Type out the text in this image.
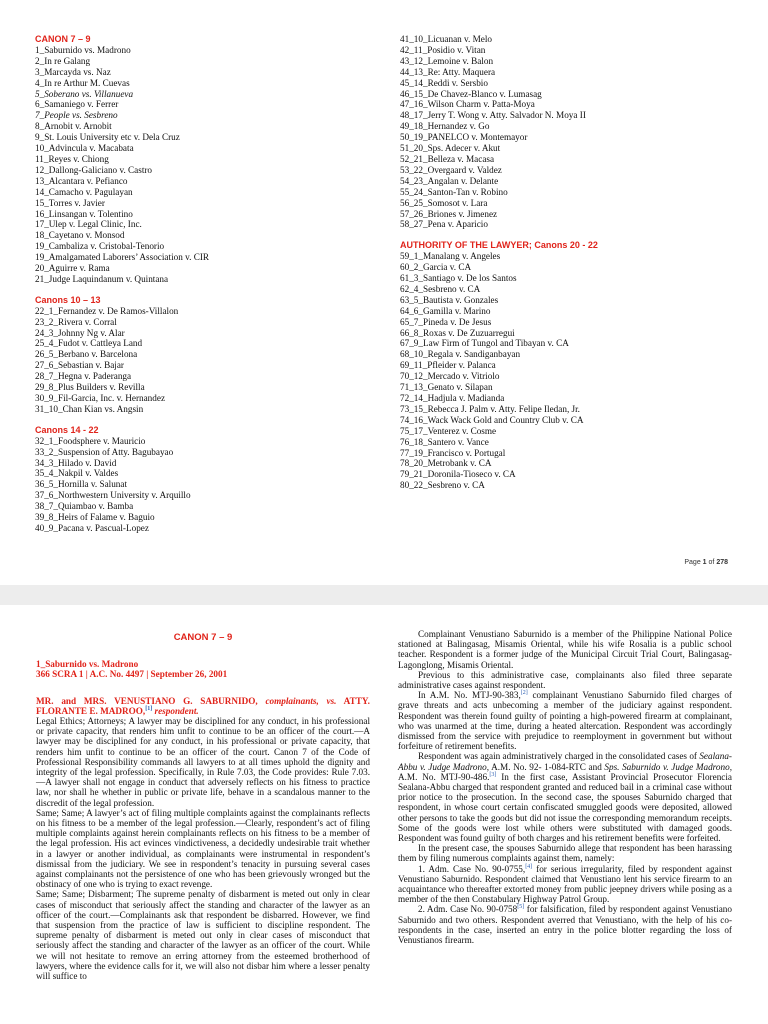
CANON 7 – 9
1_Saburnido vs. Madrono
2_In re Galang
3_Marcayda vs. Naz
4_In re Arthur M. Cuevas
5_Soberano vs. Villanueva
6_Samaniego v. Ferrer
7_People vs. Sesbreno
8_Arnobit v. Arnobit
9_St. Louis University etc v. Dela Cruz
10_Advincula v. Macabata
11_Reyes v. Chiong
12_Dallong-Galiciano v. Castro
13_Alcantara v. Pefianco
14_Camacho v. Pagulayan
15_Torres v. Javier
16_Linsangan v. Tolentino
17_Ulep v. Legal Clinic, Inc.
18_Cayetano v. Monsod
19_Cambaliza v. Cristobal-Tenorio
19_Amalgamated Laborers’ Association v. CIR
20_Aguirre v. Rama
21_Judge Laquindanum v. Quintana
Canons 10 – 13
22_1_Fernandez v. De Ramos-Villalon
23_2_Rivera v. Corral
24_3_Johnny Ng v. Alar
25_4_Fudot v. Cattleya Land
26_5_Berbano v. Barcelona
27_6_Sebastian v. Bajar
28_7_Hegna v. Paderanga
29_8_Plus Builders v. Revilla
30_9_Fil-Garcia, Inc. v. Hernandez
31_10_Chan Kian vs. Angsin
Canons 14 - 22
32_1_Foodsphere v. Mauricio
33_2_Suspension of Atty. Bagubayao
34_3_Hilado v. David
35_4_Nakpil v. Valdes
36_5_Hornilla v. Salunat
37_6_Northwestern University v. Arquillo
38_7_Quiambao v. Bamba
39_8_Heirs of Falame v. Baguio
40_9_Pacana v. Pascual-Lopez
41_10_Licuanan v. Melo
42_11_Posidio v. Vitan
43_12_Lemoine v. Balon
44_13_Re: Atty. Maquera
45_14_Reddi v. Sersbio
46_15_De Chavez-Blanco v. Lumasag
47_16_Wilson Charm v. Patta-Moya
48_17_Jerry T. Wong v. Atty. Salvador N. Moya II
49_18_Hernandez v. Go
50_19_PANELCO v. Montemayor
51_20_Sps. Adecer v. Akut
52_21_Belleza v. Macasa
53_22_Overgaard v. Valdez
54_23_Angalan v. Delante
55_24_Santon-Tan v. Robino
56_25_Somosot v. Lara
57_26_Briones v. Jimenez
58_27_Pena v. Aparicio
AUTHORITY OF THE LAWYER; Canons 20 - 22
59_1_Manalang v. Angeles
60_2_Garcia v. CA
61_3_Santiago v. De los Santos
62_4_Sesbreno v. CA
63_5_Bautista v. Gonzales
64_6_Gamilla v. Marino
65_7_Pineda v. De Jesus
66_8_Roxas v. De Zuzuarregui
67_9_Law Firm of Tungol and Tibayan v. CA
68_10_Regala v. Sandiganbayan
69_11_Pfleider v. Palanca
70_12_Mercado v. Vitriolo
71_13_Genato v. Silapan
72_14_Hadjula v. Madianda
73_15_Rebecca J. Palm v. Atty. Felipe Iledan, Jr.
74_16_Wack Wack Gold and Country Club v. CA
75_17_Venterez v. Cosme
76_18_Santero v. Vance
77_19_Francisco v. Portugal
78_20_Metrobank v. CA
79_21_Doronila-Tioseco v. CA
80_22_Sesbreno v. CA
Page 1 of 278
CANON 7 – 9
1_Saburnido vs. Madrono
366 SCRA 1 | A.C. No. 4497 | September 26, 2001
MR. and MRS. VENUSTIANO G. SABURNIDO, complainants, vs. ATTY. FLORANTE E. MADROO,[1] respondent.
Legal Ethics; Attorneys; A lawyer may be disciplined for any conduct, in his professional or private capacity, that renders him unfit to continue to be an officer of the court.—A lawyer may be disciplined for any conduct, in his professional or private capacity, that renders him unfit to continue to be an officer of the court. Canon 7 of the Code of Professional Responsibility commands all lawyers to at all times uphold the dignity and integrity of the legal profession. Specifically, in Rule 7.03, the Code provides: Rule 7.03.—A lawyer shall not engage in conduct that adversely reflects on his fitness to practice law, nor shall he whether in public or private life, behave in a scandalous manner to the discredit of the legal profession.
Same; Same; A lawyer’s act of filing multiple complaints against the complainants reflects on his fitness to be a member of the legal profession.—Clearly, respondent’s act of filing multiple complaints against herein complainants reflects on his fitness to be a member of the legal profession. His act evinces vindictiveness, a decidedly undesirable trait whether in a lawyer or another individual, as complainants were instrumental in respondent’s dismissal from the judiciary. We see in respondent’s tenacity in pursuing several cases against complainants not the persistence of one who has been grievously wronged but the obstinacy of one who is trying to exact revenge.
Same; Same; Disbarment; The supreme penalty of disbarment is meted out only in clear cases of misconduct that seriously affect the standing and character of the lawyer as an officer of the court.—Complainants ask that respondent be disbarred. However, we find that suspension from the practice of law is sufficient to discipline respondent. The supreme penalty of disbarment is meted out only in clear cases of misconduct that seriously affect the standing and character of the lawyer as an officer of the court. While we will not hesitate to remove an erring attorney from the esteemed brotherhood of lawyers, where the evidence calls for it, we will also not disbar him where a lesser penalty will suffice to
Complainant Venustiano Saburnido is a member of the Philippine National Police stationed at Balingasag, Misamis Oriental, while his wife Rosalia is a public school teacher. Respondent is a former judge of the Municipal Circuit Trial Court, Balingasag-Lagonglong, Misamis Oriental.
Previous to this administrative case, complainants also filed three separate administrative cases against respondent.
In A.M. No. MTJ-90-383,[2] complainant Venustiano Saburnido filed charges of grave threats and acts unbecoming a member of the judiciary against respondent. Respondent was therein found guilty of pointing a high-powered firearm at complainant, who was unarmed at the time, during a heated altercation. Respondent was accordingly dismissed from the service with prejudice to reemployment in government but without forfeiture of retirement benefits.
Respondent was again administratively charged in the consolidated cases of Sealana-Abbu v. Judge Madrono, A.M. No. 92- 1-084-RTC and Sps. Saburnido v. Judge Madrono, A.M. No. MTJ-90-486.[3] In the first case, Assistant Provincial Prosecutor Florencia Sealana-Abbu charged that respondent granted and reduced bail in a criminal case without prior notice to the prosecution. In the second case, the spouses Saburnido charged that respondent, in whose court certain confiscated smuggled goods were deposited, allowed other persons to take the goods but did not issue the corresponding memorandum receipts. Some of the goods were lost while others were substituted with damaged goods. Respondent was found guilty of both charges and his retirement benefits were forfeited.
In the present case, the spouses Saburnido allege that respondent has been harassing them by filing numerous complaints against them, namely:
1. Adm. Case No. 90-0755,[4] for serious irregularity, filed by respondent against Venustiano Saburnido. Respondent claimed that Venustiano lent his service firearm to an acquaintance who thereafter extorted money from public jeepney drivers while posing as a member of the then Constabulary Highway Patrol Group.
2. Adm. Case No. 90-0758[5] for falsification, filed by respondent against Venustiano Saburnido and two others. Respondent averred that Venustiano, with the help of his co-respondents in the case, inserted an entry in the police blotter regarding the loss of Venustianos firearm.
